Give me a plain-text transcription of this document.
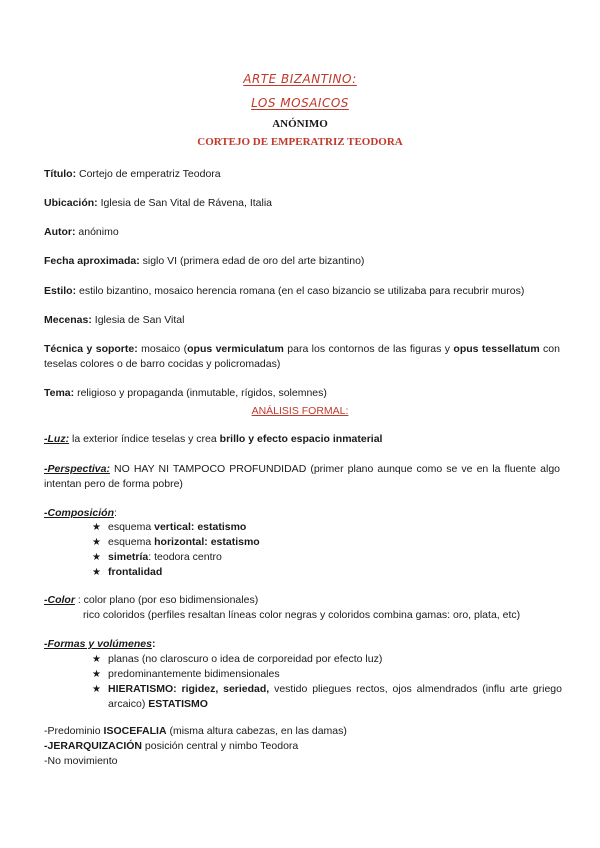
ARTE BIZANTINO:
LOS MOSAICOS
ANÓNIMO
CORTEJO DE EMPERATRIZ TEODORA
Título: Cortejo de emperatriz Teodora
Ubicación: Iglesia de San Vital de Rávena, Italia
Autor: anónimo
Fecha aproximada: siglo VI (primera edad de oro del arte bizantino)
Estilo: estilo bizantino, mosaico herencia romana (en el caso bizancio se utilizaba para recubrir muros)
Mecenas: Iglesia de San Vital
Técnica y soporte: mosaico (opus vermiculatum para los contornos de las figuras y opus tessellatum con teselas colores o de barro cocidas y policromadas)
Tema: religioso y propaganda (inmutable, rígidos, solemnes)
ANÁLISIS FORMAL:
-Luz: la exterior índice teselas y crea brillo y efecto espacio inmaterial
-Perspectiva: NO HAY NI TAMPOCO PROFUNDIDAD (primer plano aunque como se ve en la fluente algo intentan pero de forma pobre)
-Composición:
★ esquema vertical: estatismo
★ esquema horizontal: estatismo
★ simetría: teodora centro
★ frontalidad
-Color : color plano (por eso bidimensionales)
rico coloridos (perfiles resaltan líneas color negras y coloridos combina gamas: oro, plata, etc)
-Formas y volúmenes:
★ planas (no claroscuro o idea de corporeidad por efecto luz)
★ predominantemente bidimensionales
★ HIERATISMO: rigidez, seriedad, vestido pliegues rectos, ojos almendrados (influ arte griego arcaico) ESTATISMO
-Predominio ISOCEFALIA (misma altura cabezas, en las damas)
-JERARQUIZACIÓN posición central y nimbo Teodora
-No movimiento
